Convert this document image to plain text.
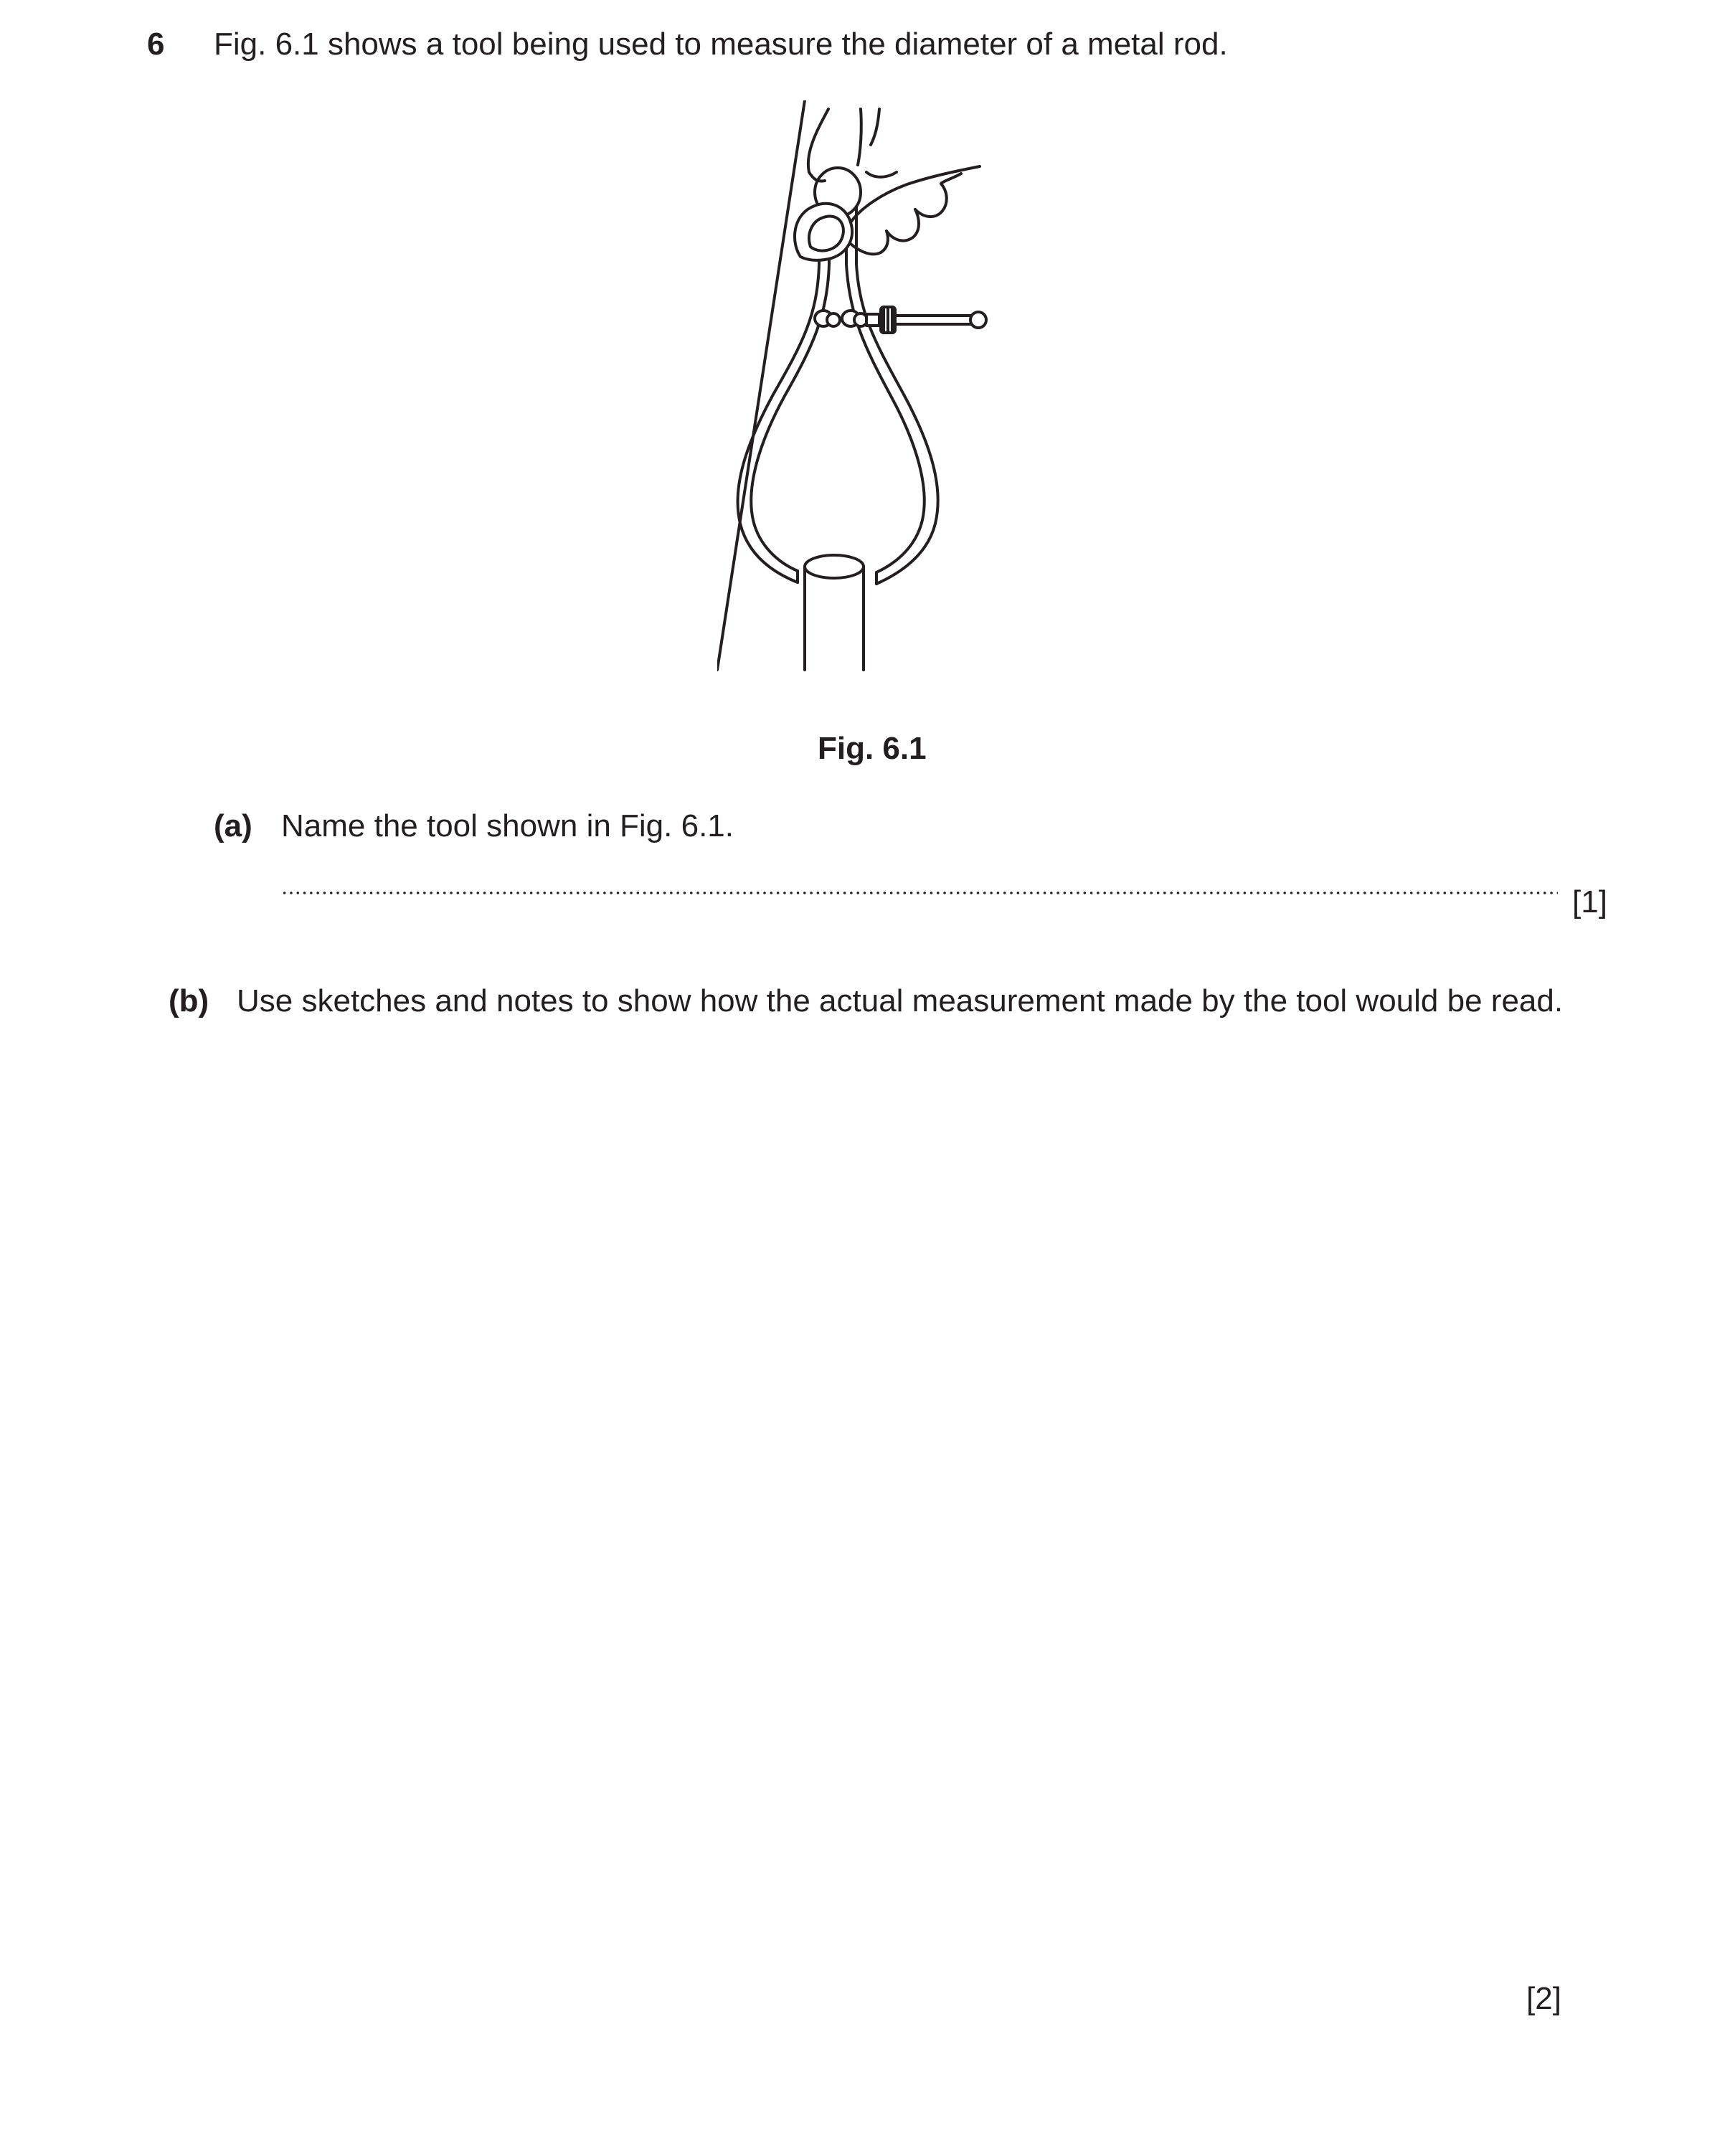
6 Fig. 6.1 shows a tool being used to measure the diameter of a metal rod.
Fig. 6.1
(a) Name the tool shown in Fig. 6.1.
[1]
(b) Use sketches and notes to show how the actual measurement made by the tool would be read.
[2]
